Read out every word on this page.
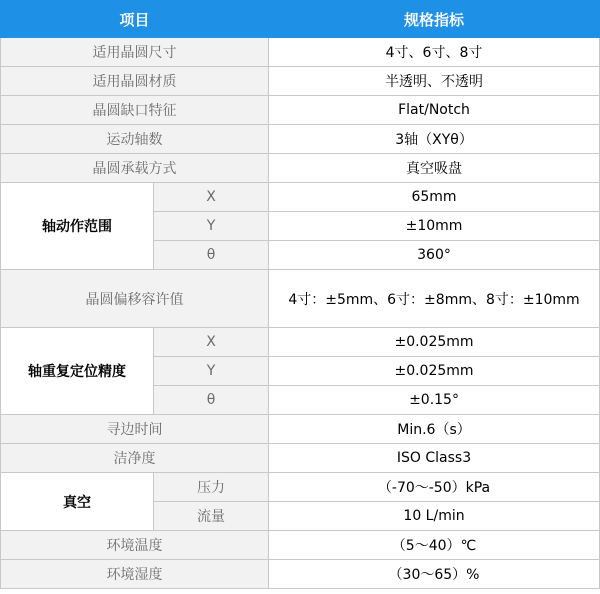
项目		规格指标
适用晶圆尺寸		4寸、6寸、8寸
适用晶圆材质		半透明、不透明
晶圆缺口特征		Flat/Notch
运动轴数		3轴（XYθ）
晶圆承载方式		真空吸盘
轴动作范围	X	65mm
	Y	±10mm
	θ	360°
晶圆偏移容许值		4寸：±5mm、6寸：±8mm、8寸：±10mm
轴重复定位精度	X	±0.025mm
	Y	±0.025mm
	θ	±0.15°
寻边时间		Min.6（s）
洁净度		ISO Class3
真空	压力	（-70～-50）kPa
	流量	10 L/min
环境温度		（5～40）℃
环境湿度		（30～65）%
